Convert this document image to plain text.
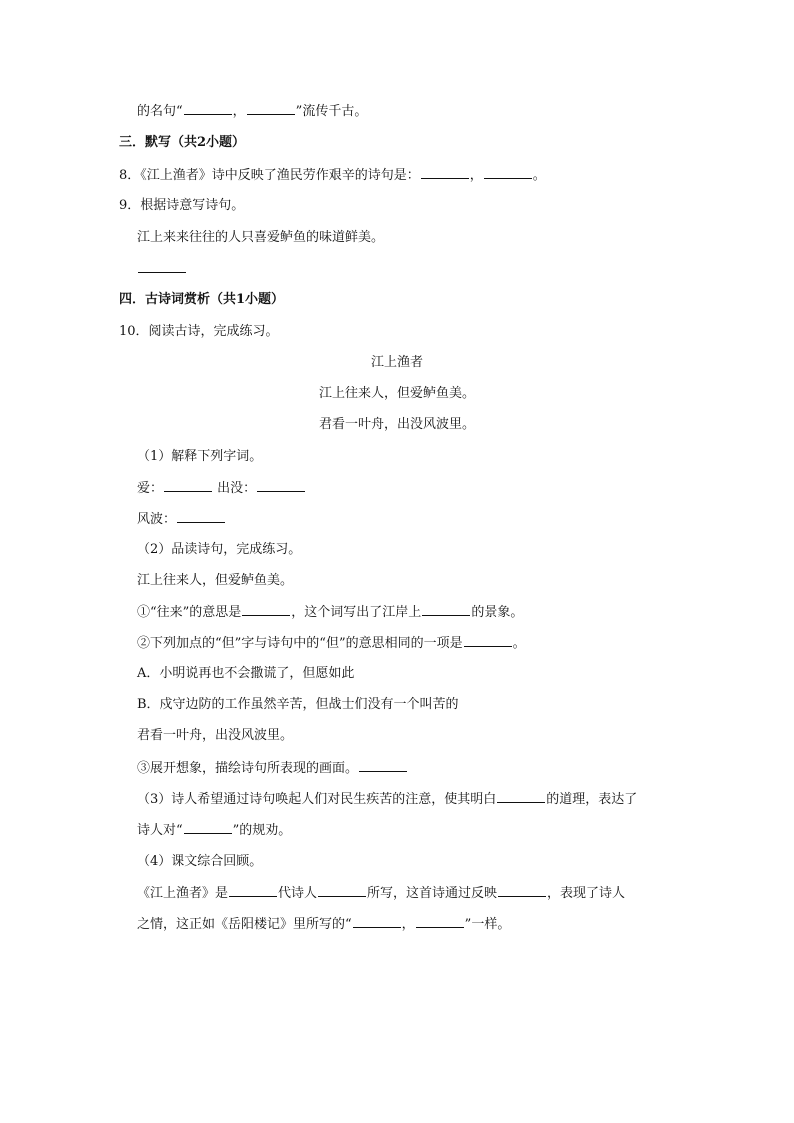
的名句“	，	”流传千古。
三．默写（共2小题）
8．《江上渔者》诗中反映了渔民劳作艰辛的诗句是：	，	。
9．根据诗意写诗句。
江上来来往往的人只喜爱鲈鱼的味道鲜美。
四．古诗词赏析（共1小题）
10．阅读古诗，完成练习。
江上渔者
江上往来人，但爱鲈鱼美。
君看一叶舟，出没风波里。
（1）解释下列字词。
爱：	出没：
风波：
（2）品读诗句，完成练习。
江上往来人，但爱鲈鱼美。
①“往来”的意思是	，这个词写出了江岸上	的景象。
②下列加点的“但”字与诗句中的“但”的意思相同的一项是	。
A．小明说再也不会撒谎了，但愿如此
B．戍守边防的工作虽然辛苦，但战士们没有一个叫苦的
君看一叶舟，出没风波里。
③展开想象，描绘诗句所表现的画面。
（3）诗人希望通过诗句唤起人们对民生疾苦的注意，使其明白	的道理，表达了
诗人对“	”的规劝。
（4）课文综合回顾。
《江上渔者》是	代诗人	所写，这首诗通过反映	，表现了诗人
之情，这正如《岳阳楼记》里所写的“	，	”一样。
